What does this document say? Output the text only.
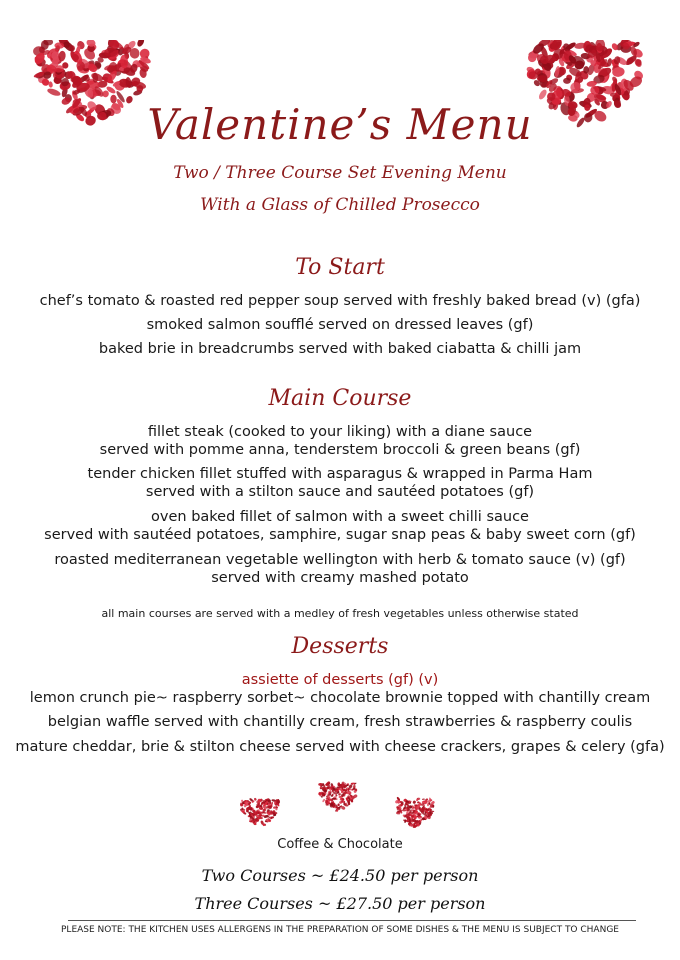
Valentine’s Menu
Two / Three Course Set Evening Menu
With a Glass of Chilled Prosecco
To Start
chef’s tomato & roasted red pepper soup served with freshly baked bread (v) (gfa)
smoked salmon soufflé served on dressed leaves (gf)
baked brie in breadcrumbs served with baked ciabatta & chilli jam
Main Course
fillet steak (cooked to your liking) with a diane sauce
served with pomme anna, tenderstem broccoli & green beans (gf)
tender chicken fillet stuffed with asparagus & wrapped in Parma Ham
served with a stilton sauce and sautéed potatoes (gf)
oven baked fillet of salmon with a sweet chilli sauce
served with sautéed potatoes, samphire, sugar snap peas & baby sweet corn (gf)
roasted mediterranean vegetable wellington with herb & tomato sauce (v) (gf)
served with creamy mashed potato
all main courses are served with a medley of fresh vegetables unless otherwise stated
Desserts
assiette of desserts (gf) (v)
lemon crunch pie~ raspberry sorbet~ chocolate brownie topped with chantilly cream
belgian waffle served with chantilly cream, fresh strawberries & raspberry coulis
mature cheddar, brie & stilton cheese served with cheese crackers, grapes & celery (gfa)
Coffee & Chocolate
Two Courses ~ £24.50 per person
Three Courses ~ £27.50 per person
PLEASE NOTE: THE KITCHEN USES ALLERGENS IN THE PREPARATION OF SOME DISHES & THE MENU IS SUBJECT TO CHANGE
